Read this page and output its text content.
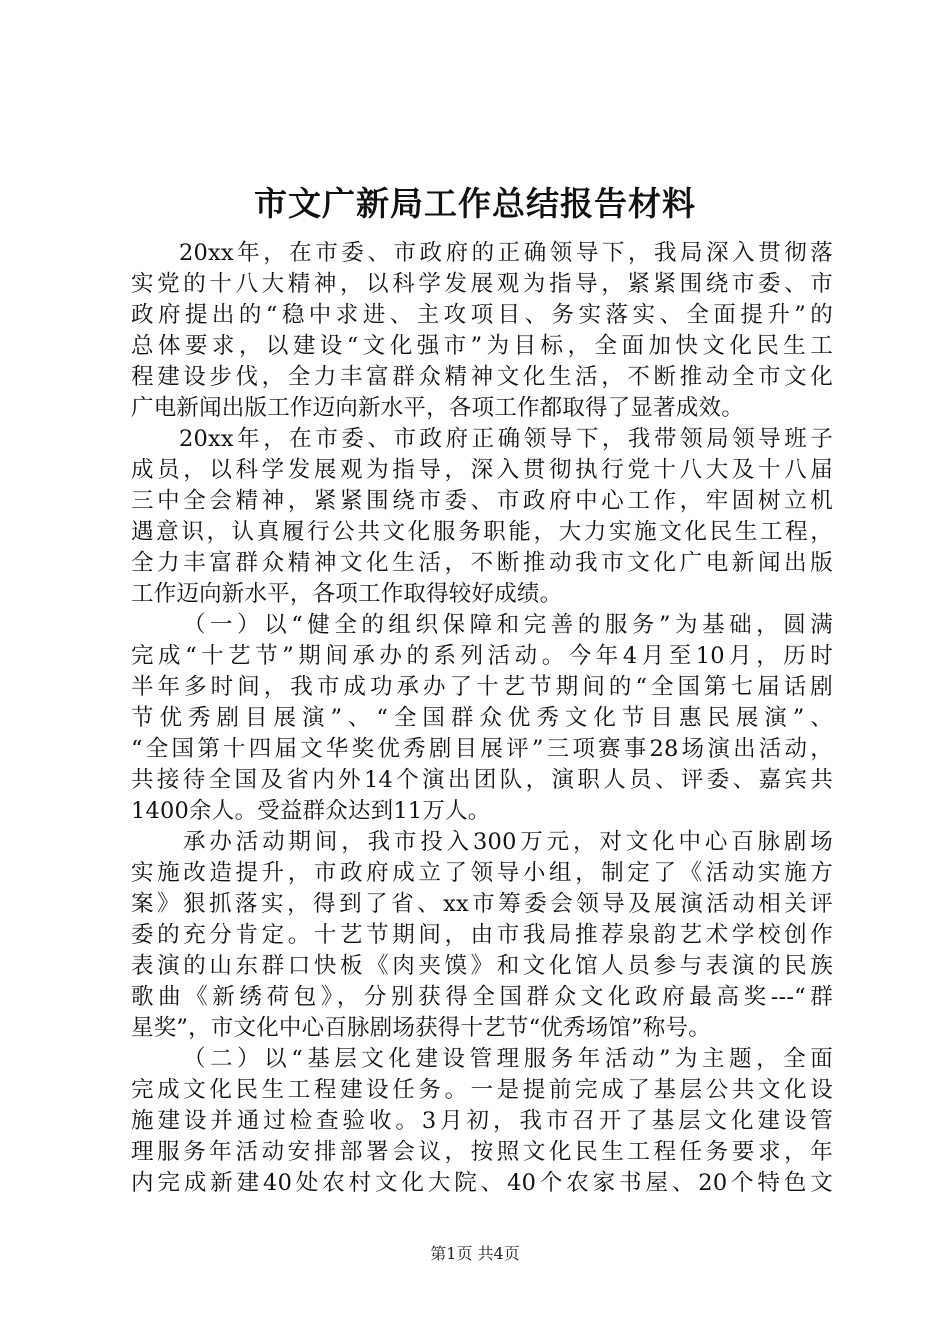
市文广新局工作总结报告材料
20xx年，在市委、市政府的正确领导下，我局深入贯彻落
实党的十八大精神，以科学发展观为指导，紧紧围绕市委、市
政府提出的“稳中求进、主攻项目、务实落实、全面提升”的
总体要求，以建设“文化强市”为目标，全面加快文化民生工
程建设步伐，全力丰富群众精神文化生活，不断推动全市文化
广电新闻出版工作迈向新水平，各项工作都取得了显著成效。
20xx年，在市委、市政府正确领导下，我带领局领导班子
成员，以科学发展观为指导，深入贯彻执行党十八大及十八届
三中全会精神，紧紧围绕市委、市政府中心工作，牢固树立机
遇意识，认真履行公共文化服务职能，大力实施文化民生工程，
全力丰富群众精神文化生活，不断推动我市文化广电新闻出版
工作迈向新水平，各项工作取得较好成绩。
（一）以“健全的组织保障和完善的服务”为基础，圆满
完成“十艺节”期间承办的系列活动。今年4月至10月，历时
半年多时间，我市成功承办了十艺节期间的“全国第七届话剧
节优秀剧目展演”、“全国群众优秀文化节目惠民展演”、
“全国第十四届文华奖优秀剧目展评”三项赛事28场演出活动，
共接待全国及省内外14个演出团队，演职人员、评委、嘉宾共
1400余人。受益群众达到11万人。
承办活动期间，我市投入300万元，对文化中心百脉剧场
实施改造提升，市政府成立了领导小组，制定了《活动实施方
案》狠抓落实，得到了省、xx市筹委会领导及展演活动相关评
委的充分肯定。十艺节期间，由市我局推荐泉韵艺术学校创作
表演的山东群口快板《肉夹馍》和文化馆人员参与表演的民族
歌曲《新绣荷包》，分别获得全国群众文化政府最高奖---“群
星奖”，市文化中心百脉剧场获得十艺节“优秀场馆”称号。
（二）以“基层文化建设管理服务年活动”为主题，全面
完成文化民生工程建设任务。一是提前完成了基层公共文化设
施建设并通过检查验收。3月初，我市召开了基层文化建设管
理服务年活动安排部署会议，按照文化民生工程任务要求，年
内完成新建40处农村文化大院、40个农家书屋、20个特色文
第1页 共4页
